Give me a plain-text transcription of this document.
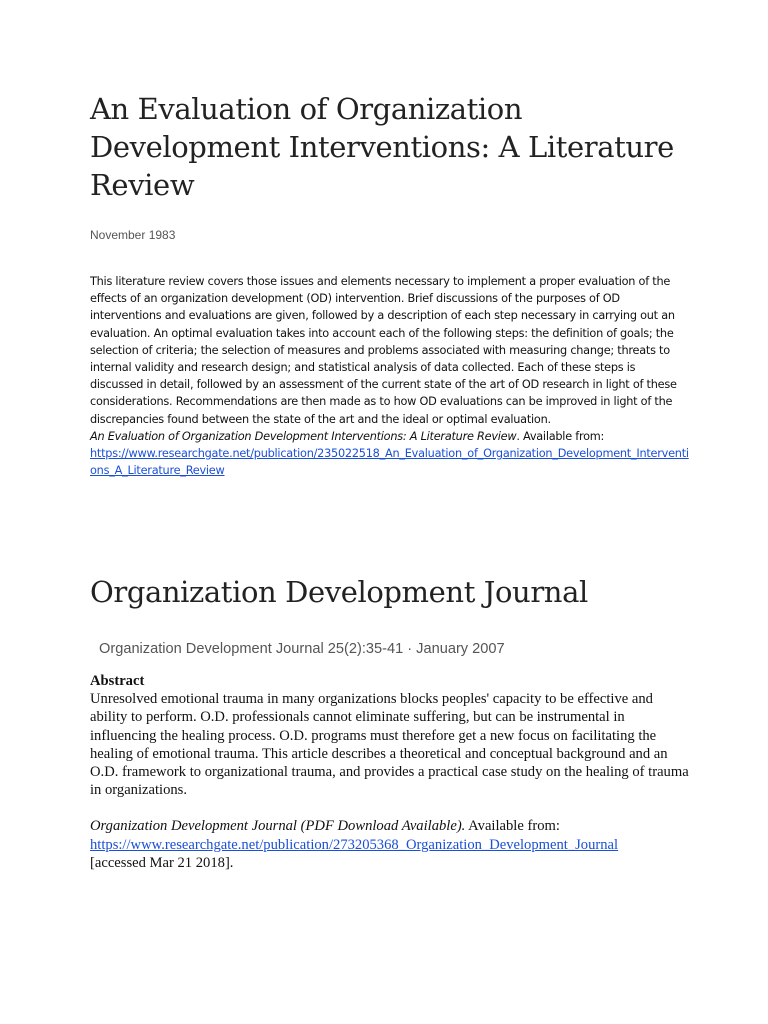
An Evaluation of Organization Development Interventions: A Literature Review
November 1983

This literature review covers those issues and elements necessary to implement a proper evaluation of the effects of an organization development (OD) intervention. Brief discussions of the purposes of OD interventions and evaluations are given, followed by a description of each step necessary in carrying out an evaluation. An optimal evaluation takes into account each of the following steps: the definition of goals; the selection of criteria; the selection of measures and problems associated with measuring change; threats to internal validity and research design; and statistical analysis of data collected. Each of these steps is discussed in detail, followed by an assessment of the current state of the art of OD research in light of these considerations. Recommendations are then made as to how OD evaluations can be improved in light of the discrepancies found between the state of the art and the ideal or optimal evaluation.

An Evaluation of Organization Development Interventions: A Literature Review. Available from:

https://www.researchgate.net/publication/235022518_An_Evaluation_of_Organization_Development_Interventions_A_Literature_Review

Organization Development Journal
Organization Development Journal 25(2):35-41 · January 2007

Abstract

Unresolved emotional trauma in many organizations blocks peoples' capacity to be effective and ability to perform. O.D. professionals cannot eliminate suffering, but can be instrumental in influencing the healing process. O.D. programs must therefore get a new focus on facilitating the healing of emotional trauma. This article describes a theoretical and conceptual background and an O.D. framework to organizational trauma, and provides a practical case study on the healing of trauma in organizations.

Organization Development Journal (PDF Download Available). Available from:
https://www.researchgate.net/publication/273205368_Organization_Development_Journal
[accessed Mar 21 2018].
